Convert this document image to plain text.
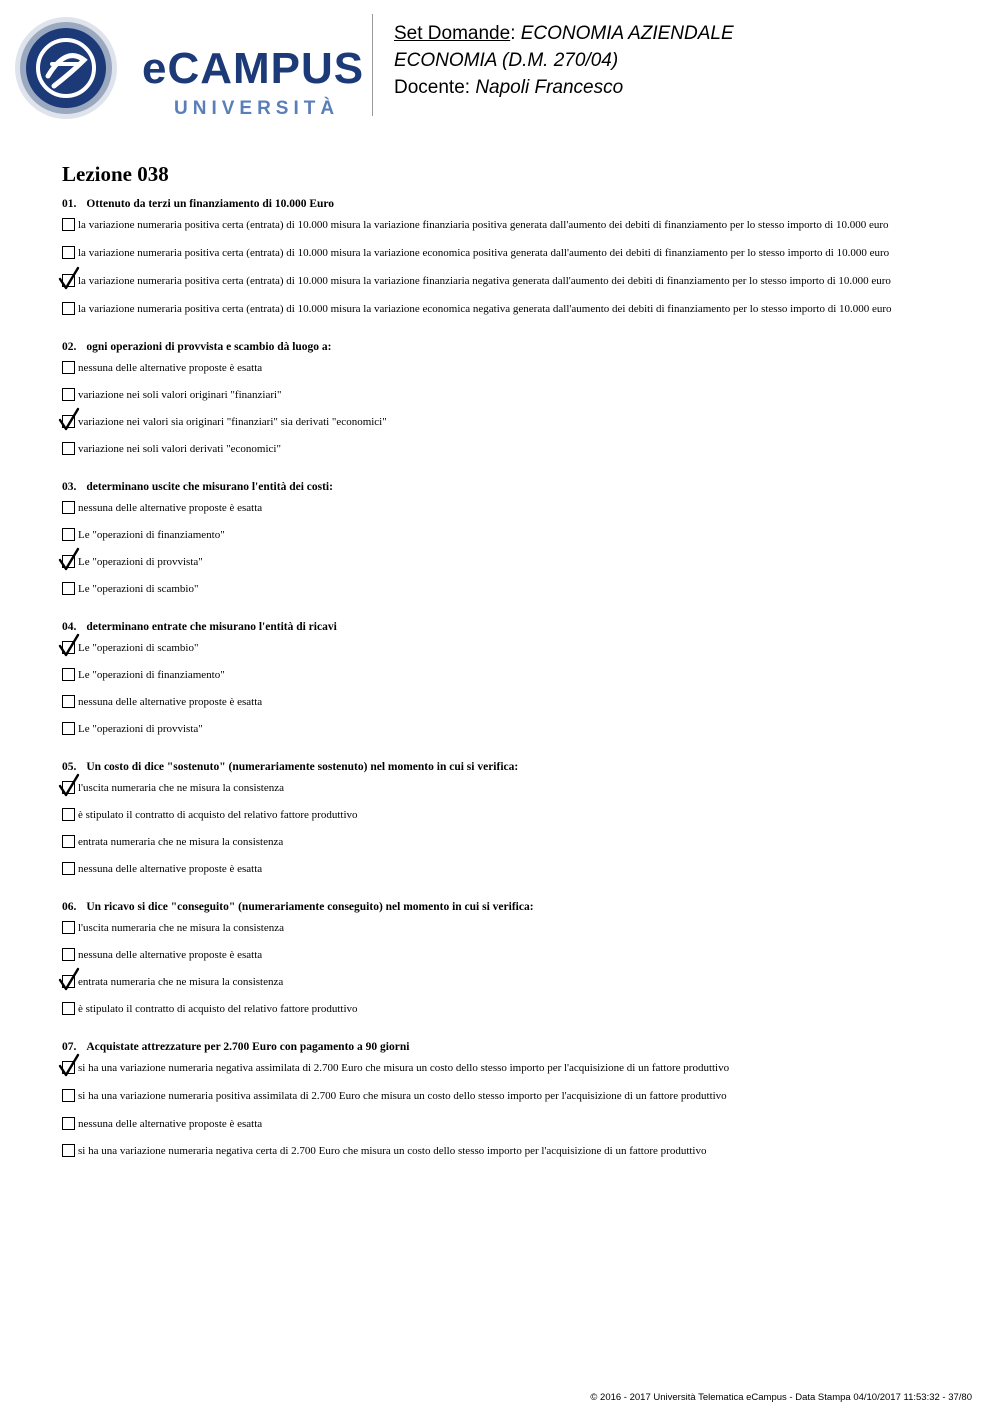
eCAMPUS
UNIVERSITÀ
Set Domande: ECONOMIA AZIENDALE
ECONOMIA (D.M. 270/04)
Docente: Napoli Francesco
Lezione 038
01. Ottenuto da terzi un finanziamento di 10.000 Euro
la variazione numeraria positiva certa (entrata) di 10.000 misura la variazione finanziaria positiva generata dall'aumento dei debiti di finanziamento per lo stesso importo di 10.000 euro
la variazione numeraria positiva certa (entrata) di 10.000 misura la variazione economica positiva generata dall'aumento dei debiti di finanziamento per lo stesso importo di 10.000 euro
la variazione numeraria positiva certa (entrata) di 10.000 misura la variazione finanziaria negativa generata dall'aumento dei debiti di finanziamento per lo stesso importo di 10.000 euro
la variazione numeraria positiva certa (entrata) di 10.000 misura la variazione economica negativa generata dall'aumento dei debiti di finanziamento per lo stesso importo di 10.000 euro
02. ogni operazioni di provvista e scambio dà luogo a:
nessuna delle alternative proposte è esatta
variazione nei soli valori originari "finanziari"
variazione nei valori sia originari "finanziari" sia derivati "economici"
variazione nei soli valori derivati "economici"
03. determinano uscite che misurano l'entità dei costi:
nessuna delle alternative proposte è esatta
Le "operazioni di finanziamento"
Le "operazioni di provvista"
Le "operazioni di scambio"
04. determinano entrate che misurano l'entità di ricavi
Le "operazioni di scambio"
Le "operazioni di finanziamento"
nessuna delle alternative proposte è esatta
Le "operazioni di provvista"
05. Un costo di dice "sostenuto" (numerariamente sostenuto) nel momento in cui si verifica:
l'uscita numeraria che ne misura la consistenza
è stipulato il contratto di acquisto del relativo fattore produttivo
entrata numeraria che ne misura la consistenza
nessuna delle alternative proposte è esatta
06. Un ricavo si dice "conseguito" (numerariamente conseguito) nel momento in cui si verifica:
l'uscita numeraria che ne misura la consistenza
nessuna delle alternative proposte è esatta
entrata numeraria che ne misura la consistenza
è stipulato il contratto di acquisto del relativo fattore produttivo
07. Acquistate attrezzature per 2.700 Euro con pagamento a 90 giorni
si ha una variazione numeraria negativa assimilata di 2.700 Euro che misura un costo dello stesso importo per l'acquisizione di un fattore produttivo
si ha una variazione numeraria positiva assimilata di 2.700 Euro che misura un costo dello stesso importo per l'acquisizione di un fattore produttivo
nessuna delle alternative proposte è esatta
si ha una variazione numeraria negativa certa di 2.700 Euro che misura un costo dello stesso importo per l'acquisizione di un fattore produttivo
© 2016 - 2017 Università Telematica eCampus - Data Stampa 04/10/2017 11:53:32 - 37/80
